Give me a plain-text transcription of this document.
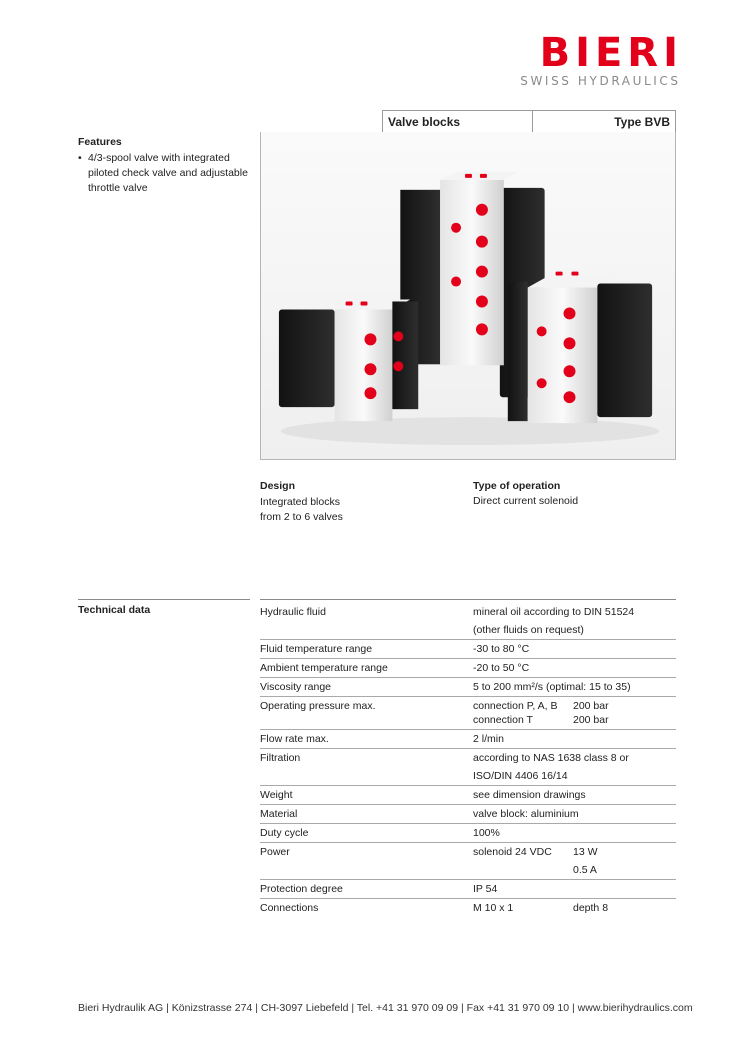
BIERI
SWISS HYDRAULICS
Valve blocks	Type BVB

Features
• 4/3-spool valve with integrated piloted check valve and adjustable throttle valve
Design
Integrated blocks
from 2 to 6 valves
Type of operation
Direct current solenoid
Technical data	Hydraulic fluid	mineral oil according to DIN 51524
(other fluids on request)
Fluid temperature range	-30 to 80 °C
Ambient temperature range	-20 to 50 °C
Viscosity range	5 to 200 mm²/s (optimal: 15 to 35)
Operating pressure max.	connection P, A, B	200 bar
connection T	200 bar
Flow rate max.	2 l/min
Filtration	according to NAS 1638 class 8 or
ISO/DIN 4406 16/14
Weight	see dimension drawings
Material	valve block: aluminium
Duty cycle	100%
Power	solenoid 24 VDC	13 W
0.5 A
Protection degree	IP 54
Connections	M 10 x 1	depth 8
Bieri Hydraulik AG | Könizstrasse 274 | CH-3097 Liebefeld | Tel. +41 31 970 09 09 | Fax +41 31 970 09 10 | www.bierihydraulics.com
